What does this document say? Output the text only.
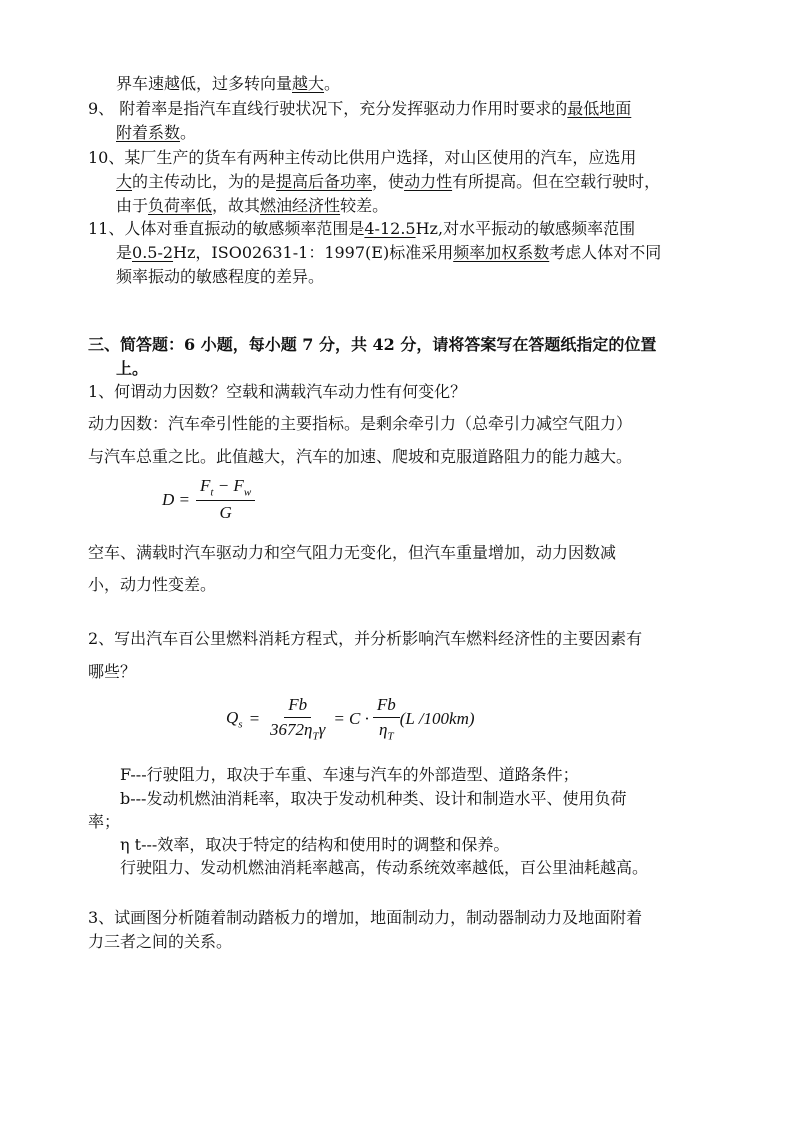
界车速越低，过多转向量越大。
9、 附着率是指汽车直线行驶状况下，充分发挥驱动力作用时要求的最低地面
附着系数。
10、某厂生产的货车有两种主传动比供用户选择，对山区使用的汽车，应选用
大的主传动比，为的是提高后备功率，使动力性有所提高。但在空载行驶时，
由于负荷率低，故其燃油经济性较差。
11、人体对垂直振动的敏感频率范围是4-12.5Hz,对水平振动的敏感频率范围
是0.5-2Hz，ISO02631-1：1997(E)标准采用频率加权系数考虑人体对不同
频率振动的敏感程度的差异。
三、简答题：6 小题，每小题 7 分，共 42 分，请将答案写在答题纸指定的位置
上。
1、何谓动力因数？空载和满载汽车动力性有何变化？
动力因数：汽车牵引性能的主要指标。是剩余牵引力（总牵引力减空气阻力）
与汽车总重之比。此值越大，汽车的加速、爬坡和克服道路阻力的能力越大。
$D = \frac{F_t - F_w}{G}$
空车、满载时汽车驱动力和空气阻力无变化，但汽车重量增加，动力因数减
小，动力性变差。
2、写出汽车百公里燃料消耗方程式，并分析影响汽车燃料经济性的主要因素有
哪些？
$Q_s = \frac{Fb}{3672\eta_T\gamma} = C \cdot \frac{Fb}{\eta_T} (L$ /100km)
F---行驶阻力，取决于车重、车速与汽车的外部造型、道路条件；
b---发动机燃油消耗率，取决于发动机种类、设计和制造水平、使用负荷
率；
η t---效率，取决于特定的结构和使用时的调整和保养。
行驶阻力、发动机燃油消耗率越高，传动系统效率越低，百公里油耗越高。
3、试画图分析随着制动踏板力的增加，地面制动力，制动器制动力及地面附着
力三者之间的关系。
